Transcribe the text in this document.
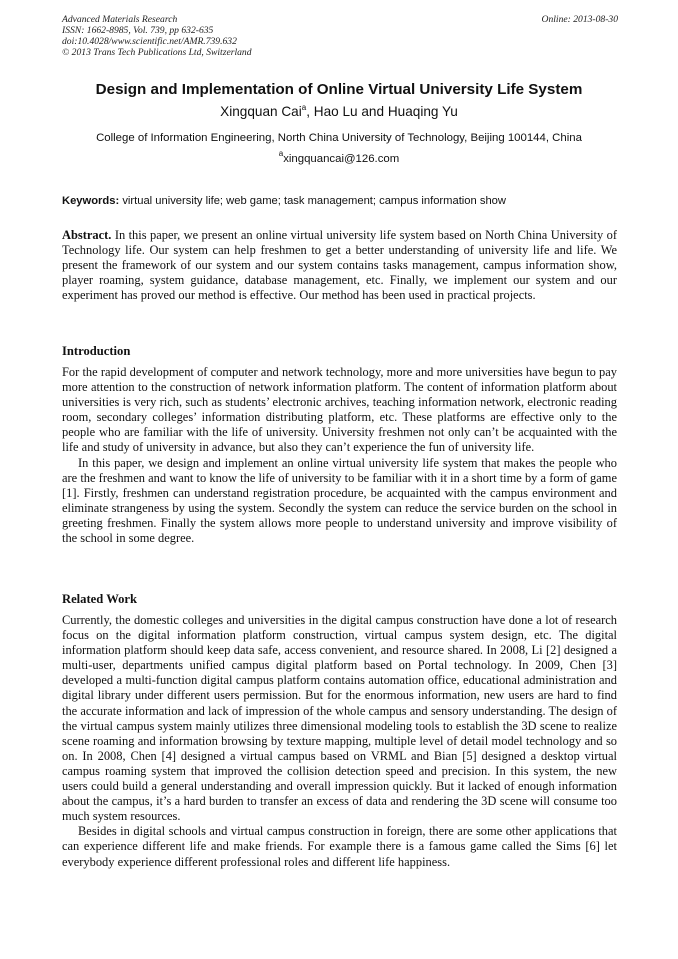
Advanced Materials Research
ISSN: 1662-8985, Vol. 739, pp 632-635
doi:10.4028/www.scientific.net/AMR.739.632
© 2013 Trans Tech Publications Ltd, Switzerland
Online: 2013-08-30
Design and Implementation of Online Virtual University Life System
Xingquan Cai$^a$, Hao Lu and Huaqing Yu
College of Information Engineering, North China University of Technology, Beijing 100144, China
$^a$xingquancai@126.com
Keywords: virtual university life; web game; task management; campus information show

Abstract. In this paper, we present an online virtual university life system based on North China University of Technology life. Our system can help freshmen to get a better understanding of university life and life. We present the framework of our system and our system contains tasks management, campus information show, player roaming, system guidance, database management, etc. Finally, we implement our system and our experiment has proved our method is effective. Our method has been used in practical projects.

Introduction

For the rapid development of computer and network technology, more and more universities have begun to pay more attention to the construction of network information platform. The content of information platform about universities is very rich, such as students’ electronic archives, teaching information network, electronic reading room, secondary colleges’ information distributing platform, etc. These platforms are effective only to the people who are familiar with the life of university. University freshmen not only can’t be acquainted with the life and study of university in advance, but also they can’t experience the fun of university life.

In this paper, we design and implement an online virtual university life system that makes the people who are the freshmen and want to know the life of university to be familiar with it in a short time by a form of game [1]. Firstly, freshmen can understand registration procedure, be acquainted with the campus environment and eliminate strangeness by using the system. Secondly the system can reduce the service burden on the school in greeting freshmen. Finally the system allows more people to understand university and improve visibility of the school in some degree.

Related Work

Currently, the domestic colleges and universities in the digital campus construction have done a lot of research focus on the digital information platform construction, virtual campus system design, etc. The digital information platform should keep data safe, access convenient, and resource shared. In 2008, Li [2] designed a multi-user, departments unified campus digital platform based on Portal technology. In 2009, Chen [3] developed a multi-function digital campus platform contains automation office, educational administration and digital library under different users permission. But for the enormous information, new users are hard to find the accurate information and lack of impression of the whole campus and sensory understanding. The design of the virtual campus system mainly utilizes three dimensional modeling tools to establish the 3D scene to realize scene roaming and information browsing by texture mapping, multiple level of detail model technology and so on. In 2008, Chen [4] designed a virtual campus based on VRML and Bian [5] designed a desktop virtual campus roaming system that improved the collision detection speed and precision. In this system, the new users could build a general understanding and overall impression quickly. But it lacked of enough information about the campus, it’s a hard burden to transfer an excess of data and rendering the 3D scene will consume too much system resources.

Besides in digital schools and virtual campus construction in foreign, there are some other applications that can experience different life and make friends. For example there is a famous game called the Sims [6] let everybody experience different professional roles and different life happiness.
